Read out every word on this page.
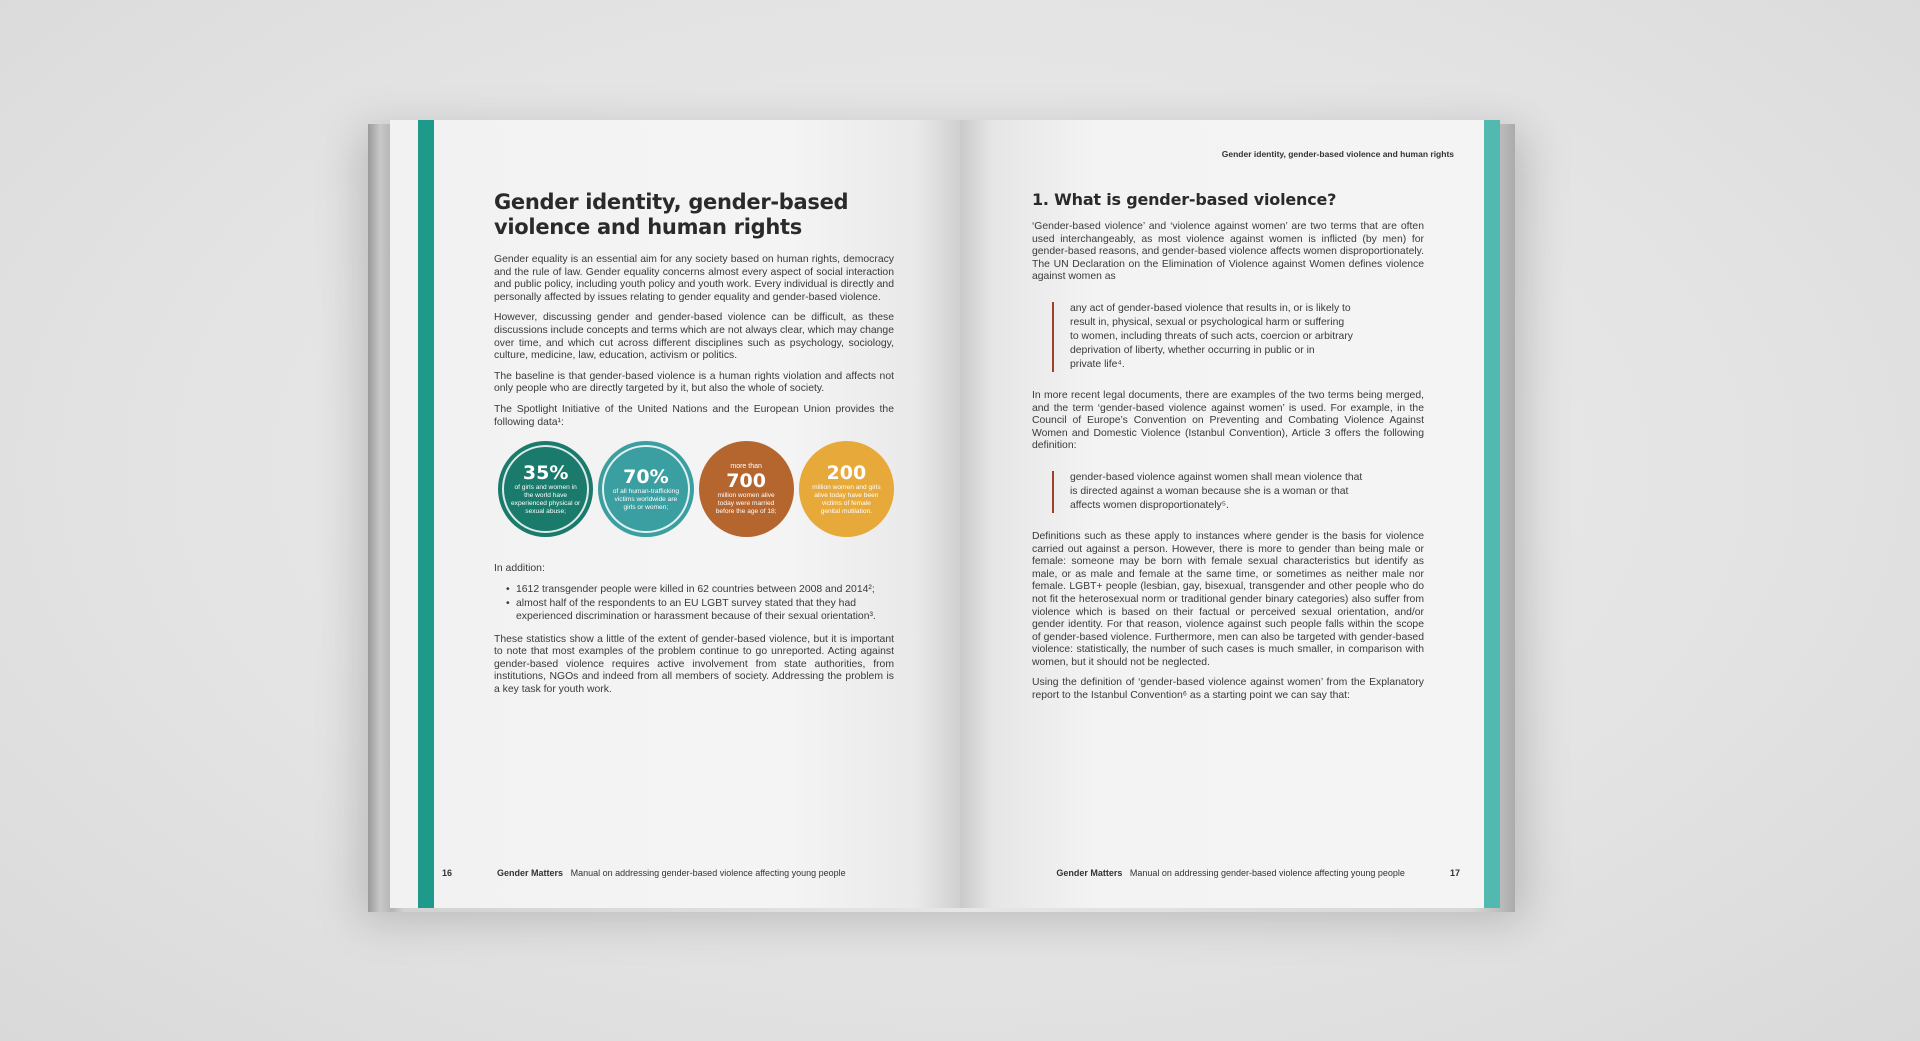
Gender identity, gender-based violence and human rights

Gender equality is an essential aim for any society based on human rights, democracy and the rule of law. Gender equality concerns almost every aspect of social interaction and public policy, including youth policy and youth work. Every individual is directly and personally affected by issues relating to gender equality and gender-based violence.

However, discussing gender and gender-based violence can be difficult, as these discussions include concepts and terms which are not always clear, which may change over time, and which cut across different disciplines such as psychology, sociology, culture, medicine, law, education, activism or politics.

The baseline is that gender-based violence is a human rights violation and affects not only people who are directly targeted by it, but also the whole of society.

The Spotlight Initiative of the United Nations and the European Union provides the following data¹:

35%
of girls and women in the world have experienced physical or sexual abuse;
70%
of all human-trafficking victims worldwide are girls or women;
more than
700
million women alive today were married before the age of 18;
200
million women and girls alive today have been victims of female genital mutilation.

In addition:

• 1612 transgender people were killed in 62 countries between 2008 and 2014²;
• almost half of the respondents to an EU LGBT survey stated that they had experienced discrimination or harassment because of their sexual orientation³.

These statistics show a little of the extent of gender-based violence, but it is important to note that most examples of the problem continue to go unreported. Acting against gender-based violence requires active involvement from state authorities, from institutions, NGOs and indeed from all members of society. Addressing the problem is a key task for youth work.

16	Gender Matters Manual on addressing gender-based violence affecting young people
Gender identity, gender-based violence and human rights
1. What is gender-based violence?

‘Gender-based violence’ and ‘violence against women’ are two terms that are often used interchangeably, as most violence against women is inflicted (by men) for gender-based reasons, and gender-based violence affects women disproportionately. The UN Declaration on the Elimination of Violence against Women defines violence against women as

any act of gender-based violence that results in, or is likely to
result in, physical, sexual or psychological harm or suffering
to women, including threats of such acts, coercion or arbitrary
deprivation of liberty, whether occurring in public or in
private life⁴.

In more recent legal documents, there are examples of the two terms being merged, and the term ‘gender-based violence against women’ is used. For example, in the Council of Europe’s Convention on Preventing and Combating Violence Against Women and Domestic Violence (Istanbul Convention), Article 3 offers the following definition:

gender-based violence against women shall mean violence that
is directed against a woman because she is a woman or that
affects women disproportionately⁵.

Definitions such as these apply to instances where gender is the basis for violence carried out against a person. However, there is more to gender than being male or female: someone may be born with female sexual characteristics but identify as male, or as male and female at the same time, or sometimes as neither male nor female. LGBT+ people (lesbian, gay, bisexual, transgender and other people who do not fit the heterosexual norm or traditional gender binary categories) also suffer from violence which is based on their factual or perceived sexual orientation, and/or gender identity. For that reason, violence against such people falls within the scope of gender-based violence. Furthermore, men can also be targeted with gender-based violence: statistically, the number of such cases is much smaller, in comparison with women, but it should not be neglected.

Using the definition of ‘gender-based violence against women’ from the Explanatory report to the Istanbul Convention⁶ as a starting point we can say that:

Gender Matters Manual on addressing gender-based violence affecting young people	17
